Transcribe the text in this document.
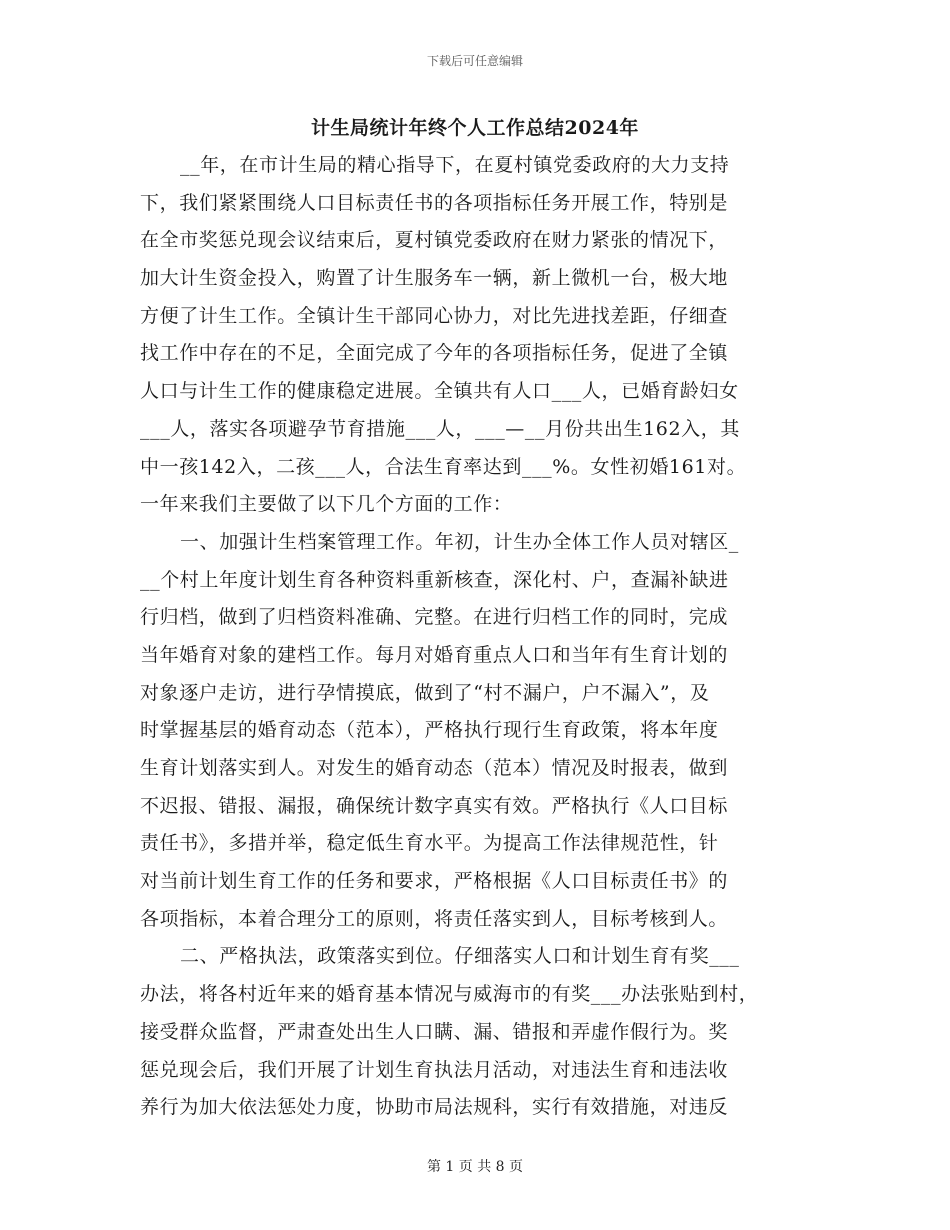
下载后可任意编辑
计生局统计年终个人工作总结2024年
__年，在市计生局的精心指导下，在夏村镇党委政府的大力支持
下，我们紧紧围绕人口目标责任书的各项指标任务开展工作，特别是
在全市奖惩兑现会议结束后，夏村镇党委政府在财力紧张的情况下，
加大计生资金投入，购置了计生服务车一辆，新上微机一台，极大地
方便了计生工作。全镇计生干部同心协力，对比先进找差距，仔细查
找工作中存在的不足，全面完成了今年的各项指标任务，促进了全镇
人口与计生工作的健康稳定进展。全镇共有人口___人，已婚育龄妇女
___人，落实各项避孕节育措施___人，___—__月份共出生162入，其
中一孩142入，二孩___人，合法生育率达到___%。女性初婚161对。
一年来我们主要做了以下几个方面的工作：
一、加强计生档案管理工作。年初，计生办全体工作人员对辖区_
__个村上年度计划生育各种资料重新核查，深化村、户，查漏补缺进
行归档，做到了归档资料准确、完整。在进行归档工作的同时，完成
当年婚育对象的建档工作。每月对婚育重点人口和当年有生育计划的
对象逐户走访，进行孕情摸底，做到了“村不漏户，户不漏入”，及
时掌握基层的婚育动态（范本），严格执行现行生育政策，将本年度
生育计划落实到人。对发生的婚育动态（范本）情况及时报表，做到
不迟报、错报、漏报，确保统计数字真实有效。严格执行《人口目标
责任书》，多措并举，稳定低生育水平。为提高工作法律规范性，针
对当前计划生育工作的任务和要求，严格根据《人口目标责任书》的
各项指标，本着合理分工的原则，将责任落实到人，目标考核到人。
二、严格执法，政策落实到位。仔细落实人口和计划生育有奖___
办法，将各村近年来的婚育基本情况与威海市的有奖___办法张贴到村，
接受群众监督，严肃查处出生人口瞒、漏、错报和弄虚作假行为。奖
惩兑现会后，我们开展了计划生育执法月活动，对违法生育和违法收
养行为加大依法惩处力度，协助市局法规科，实行有效措施，对违反
第 1 页 共 8 页
